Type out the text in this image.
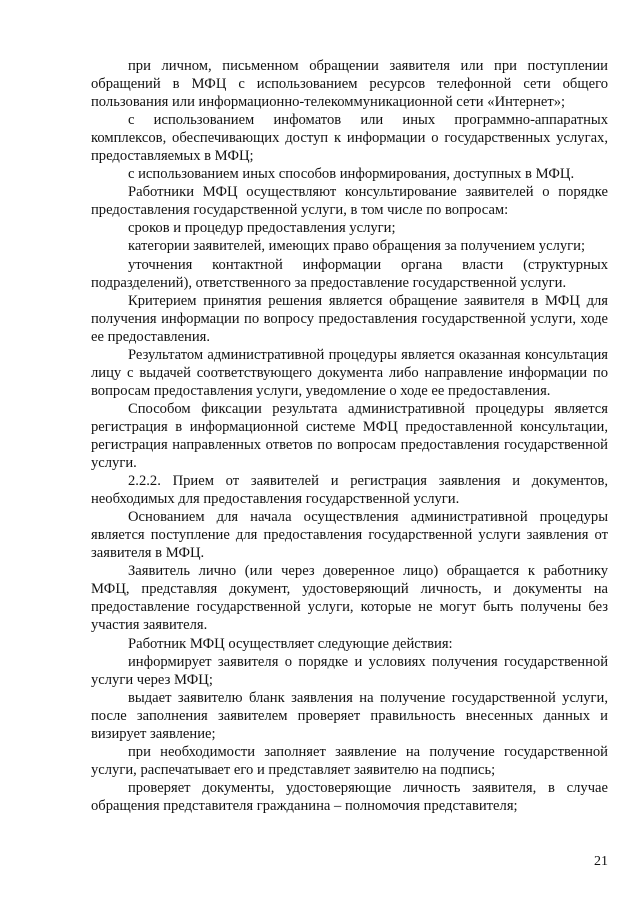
при личном, письменном обращении заявителя или при поступлении обращений в МФЦ с использованием ресурсов телефонной сети общего пользования или информационно-телекоммуникационной сети «Интернет»;

с использованием инфоматов или иных программно-аппаратных комплексов, обеспечивающих доступ к информации о государственных услугах, предоставляемых в МФЦ;

с использованием иных способов информирования, доступных в МФЦ.

Работники МФЦ осуществляют консультирование заявителей о порядке предоставления государственной услуги, в том числе по вопросам:

сроков и процедур предоставления услуги;

категории заявителей, имеющих право обращения за получением услуги;

уточнения контактной информации органа власти (структурных подразделений), ответственного за предоставление государственной услуги.

Критерием принятия решения является обращение заявителя в МФЦ для получения информации по вопросу предоставления государственной услуги, ходе ее предоставления.

Результатом административной процедуры является оказанная консультация лицу с выдачей соответствующего документа либо направление информации по вопросам предоставления услуги, уведомление о ходе ее предоставления.

Способом фиксации результата административной процедуры является регистрация в информационной системе МФЦ предоставленной консультации, регистрация направленных ответов по вопросам предоставления государственной услуги.

2.2.2. Прием от заявителей и регистрация заявления и документов, необходимых для предоставления государственной услуги.

Основанием для начала осуществления административной процедуры является поступление для предоставления государственной услуги заявления от заявителя в МФЦ.

Заявитель лично (или через доверенное лицо) обращается к работнику МФЦ, представляя документ, удостоверяющий личность, и документы на предоставление государственной услуги, которые не могут быть получены без участия заявителя.

Работник МФЦ осуществляет следующие действия:

информирует заявителя о порядке и условиях получения государственной услуги через МФЦ;

выдает заявителю бланк заявления на получение государственной услуги, после заполнения заявителем проверяет правильность внесенных данных и визирует заявление;

при необходимости заполняет заявление на получение государственной услуги, распечатывает его и представляет заявителю на подпись;

проверяет документы, удостоверяющие личность заявителя, в случае обращения представителя гражданина – полномочия представителя;

21
